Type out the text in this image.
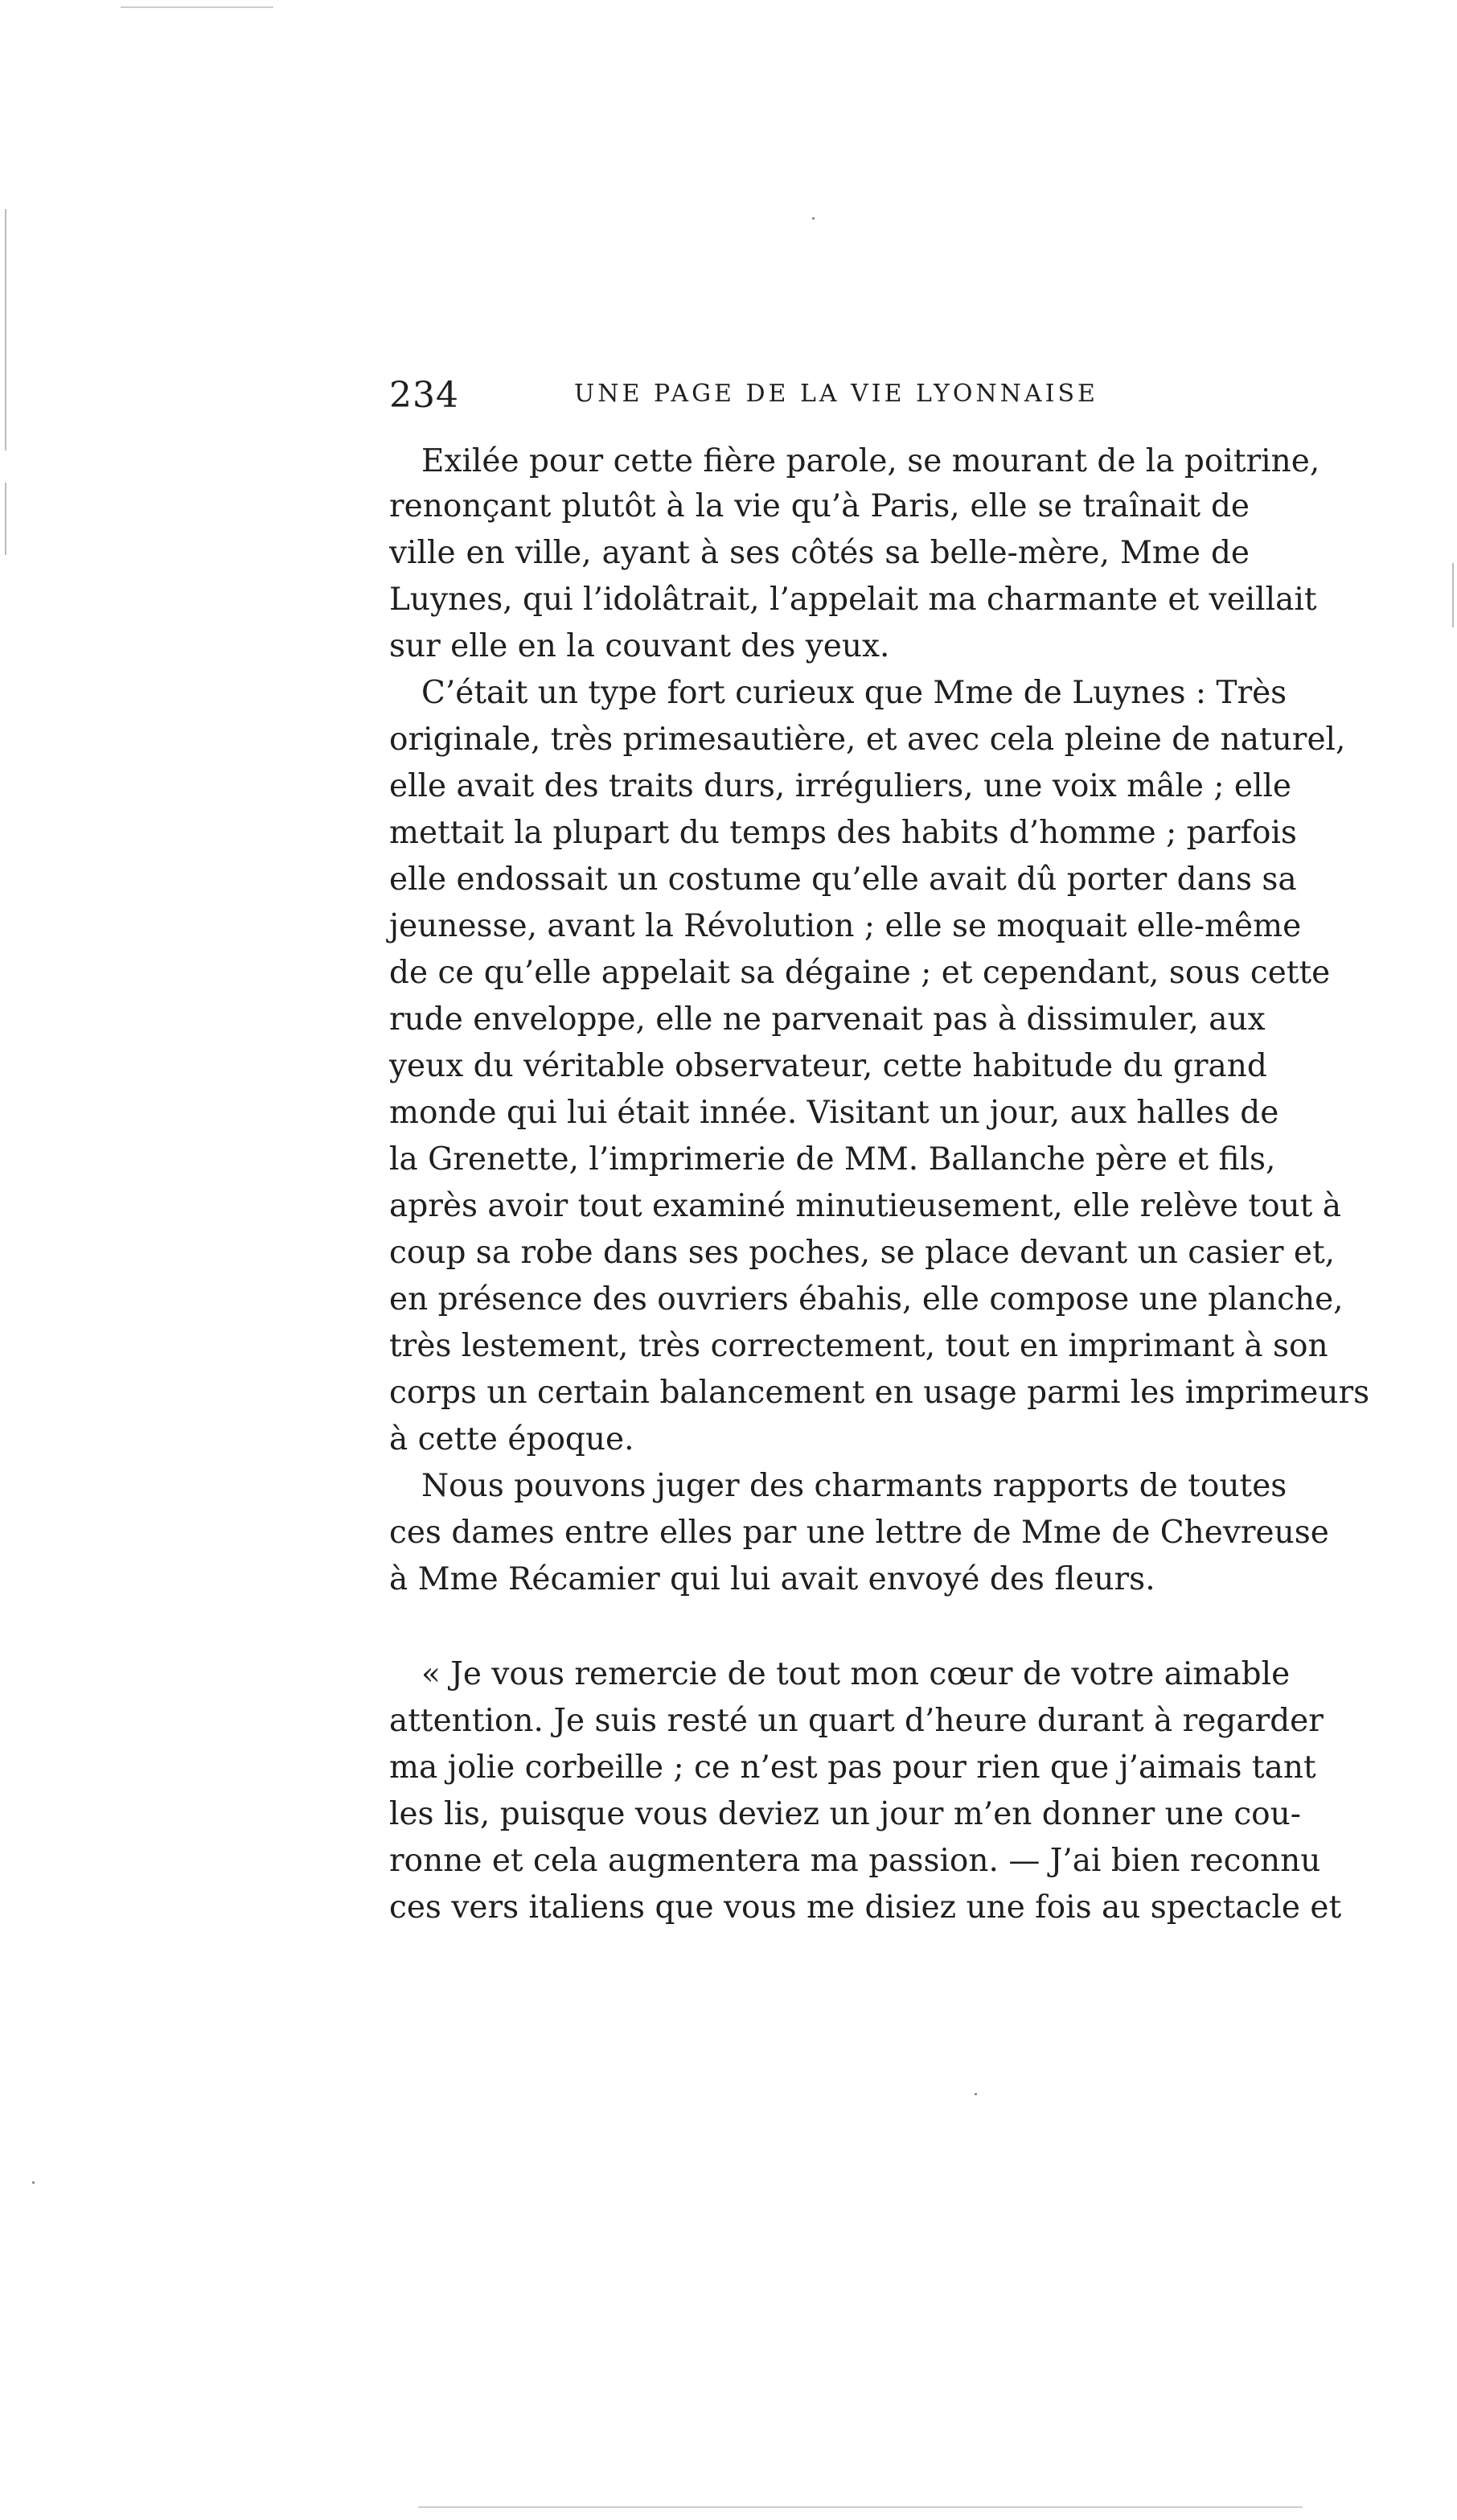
234	UNE PAGE DE LA VIE LYONNAISE
Exilée pour cette fière parole, se mourant de la poitrine,
renonçant plutôt à la vie qu’à Paris, elle se traînait de
ville en ville, ayant à ses côtés sa belle-mère, Mme de
Luynes, qui l’idolâtrait, l’appelait ma charmante et veillait
sur elle en la couvant des yeux.
C’était un type fort curieux que Mme de Luynes : Très
originale, très primesautière, et avec cela pleine de naturel,
elle avait des traits durs, irréguliers, une voix mâle ; elle
mettait la plupart du temps des habits d’homme ; parfois
elle endossait un costume qu’elle avait dû porter dans sa
jeunesse, avant la Révolution ; elle se moquait elle-même
de ce qu’elle appelait sa dégaine ; et cependant, sous cette
rude enveloppe, elle ne parvenait pas à dissimuler, aux
yeux du véritable observateur, cette habitude du grand
monde qui lui était innée. Visitant un jour, aux halles de
la Grenette, l’imprimerie de MM. Ballanche père et fils,
après avoir tout examiné minutieusement, elle relève tout à
coup sa robe dans ses poches, se place devant un casier et,
en présence des ouvriers ébahis, elle compose une planche,
très lestement, très correctement, tout en imprimant à son
corps un certain balancement en usage parmi les imprimeurs
à cette époque.
Nous pouvons juger des charmants rapports de toutes
ces dames entre elles par une lettre de Mme de Chevreuse
à Mme Récamier qui lui avait envoyé des fleurs.
« Je vous remercie de tout mon cœur de votre aimable
attention. Je suis resté un quart d’heure durant à regarder
ma jolie corbeille ; ce n’est pas pour rien que j’aimais tant
les lis, puisque vous deviez un jour m’en donner une cou-
ronne et cela augmentera ma passion. — J’ai bien reconnu
ces vers italiens que vous me disiez une fois au spectacle et
